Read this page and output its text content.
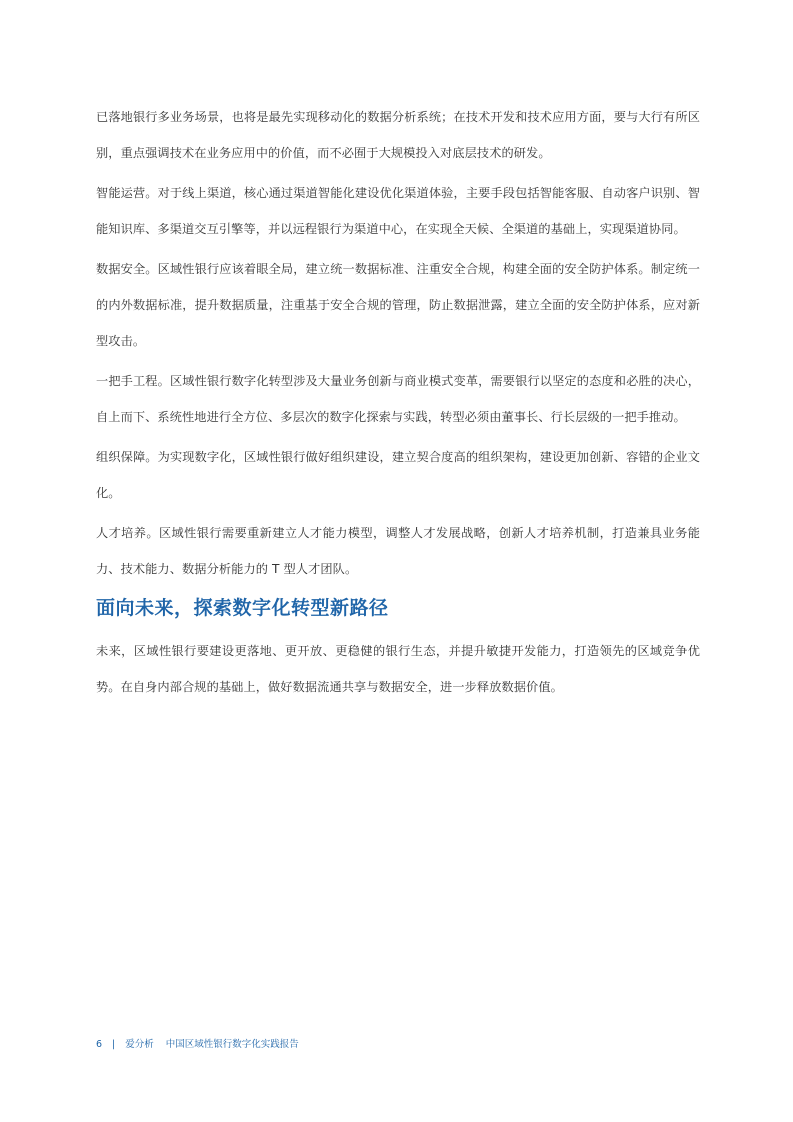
已落地银行多业务场景，也将是最先实现移动化的数据分析系统；在技术开发和技术应用方面，要与大行有所区别，重点强调技术在业务应用中的价值，而不必囿于大规模投入对底层技术的研发。

智能运营。对于线上渠道，核心通过渠道智能化建设优化渠道体验，主要手段包括智能客服、自动客户识别、智能知识库、多渠道交互引擎等，并以远程银行为渠道中心，在实现全天候、全渠道的基础上，实现渠道协同。

数据安全。区域性银行应该着眼全局，建立统一数据标准、注重安全合规，构建全面的安全防护体系。制定统一的内外数据标准，提升数据质量，注重基于安全合规的管理，防止数据泄露，建立全面的安全防护体系，应对新型攻击。

一把手工程。区域性银行数字化转型涉及大量业务创新与商业模式变革，需要银行以坚定的态度和必胜的决心，自上而下、系统性地进行全方位、多层次的数字化探索与实践，转型必须由董事长、行长层级的一把手推动。

组织保障。为实现数字化，区域性银行做好组织建设，建立契合度高的组织架构，建设更加创新、容错的企业文化。

人才培养。区域性银行需要重新建立人才能力模型，调整人才发展战略，创新人才培养机制，打造兼具业务能力、技术能力、数据分析能力的 T 型人才团队。

面向未来，探索数字化转型新路径

未来，区域性银行要建设更落地、更开放、更稳健的银行生态，并提升敏捷开发能力，打造领先的区域竞争优势。在自身内部合规的基础上，做好数据流通共享与数据安全，进一步释放数据价值。

6 | 爱分析 中国区域性银行数字化实践报告
